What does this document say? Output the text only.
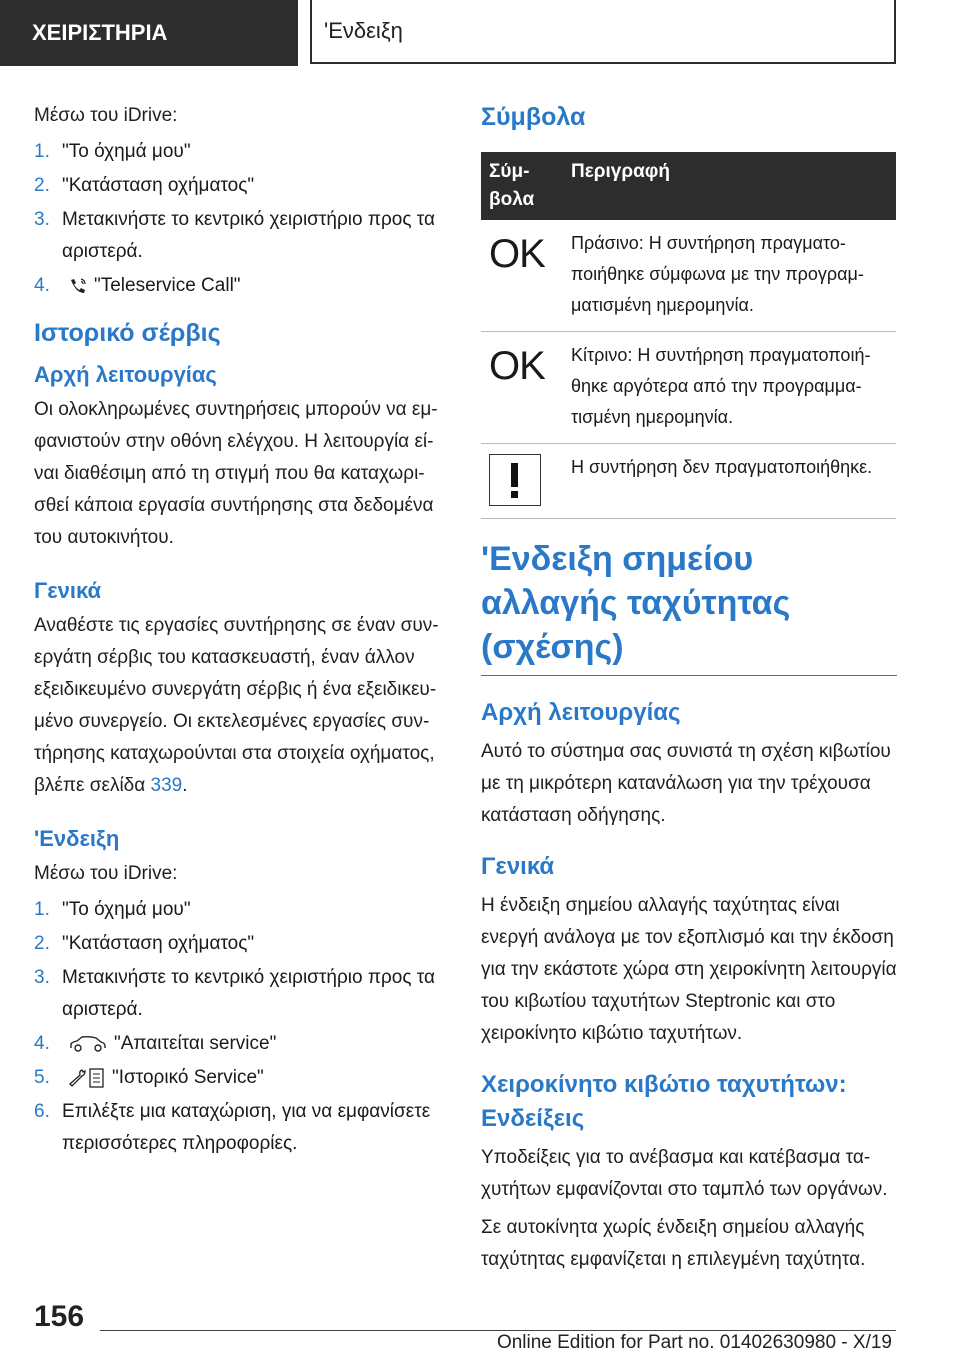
ΧΕΙΡΙΣΤΗΡΙΑ	'Ενδειξη

Μέσω του iDrive:

1. "Το όχημά μου"
2. "Κατάσταση οχήματος"
3. Μετακινήστε το κεντρικό χειριστήριο προς τα αριστερά.
4.	"Teleservice Call"
Ιστορικό σέρβις
Αρχή λειτουργίας

Οι ολοκληρωμένες συντηρήσεις μπορούν να εμφανιστούν στην οθόνη ελέγχου. Η λειτουργία είναι διαθέσιμη από τη στιγμή που θα καταχωρισθεί κάποια εργασία συντήρησης στα δεδομένα του αυτοκινήτου.

Γενικά

Αναθέστε τις εργασίες συντήρησης σε έναν συνεργάτη σέρβις του κατασκευαστή, έναν άλλον εξειδικευμένο συνεργάτη σέρβις ή ένα εξειδικευμένο συνεργείο. Οι εκτελεσμένες εργασίες συντήρησης καταχωρούνται στα στοιχεία οχήματος, βλέπε σελίδα 339.

'Ενδειξη

Μέσω του iDrive:

1. "Το όχημά μου"
2. "Κατάσταση οχήματος"
3. Μετακινήστε το κεντρικό χειριστήριο προς τα αριστερά.
4.	"Απαιτείται service"
5.	"Ιστορικό Service"
6. Επιλέξτε μια καταχώριση, για να εμφανίσετε περισσότερες πληροφορίες.
Σύμβολα
Σύμβολα	Περιγραφή

OK	Πράσινο: Η συντήρηση πραγματοποιήθηκε σύμφωνα με την προγραμματισμένη ημερομηνία.

OK	Κίτρινο: Η συντήρηση πραγματοποιήθηκε αργότερα από την προγραμματισμένη ημερομηνία.

	Η συντήρηση δεν πραγματοποιήθηκε.
'Ενδειξη σημείου αλλαγής ταχύτητας (σχέσης)
Αρχή λειτουργίας

Αυτό το σύστημα σας συνιστά τη σχέση κιβωτίου με τη μικρότερη κατανάλωση για την τρέχουσα κατάσταση οδήγησης.

Γενικά

Η ένδειξη σημείου αλλαγής ταχύτητας είναι ενεργή ανάλογα με τον εξοπλισμό και την έκδοση για την εκάστοτε χώρα στη χειροκίνητη λειτουργία του κιβωτίου ταχυτήτων Steptronic και στο χειροκίνητο κιβώτιο ταχυτήτων.

Χειροκίνητο κιβώτιο ταχυτήτων: Ενδείξεις

Υποδείξεις για το ανέβασμα και κατέβασμα ταχυτήτων εμφανίζονται στο ταμπλό των οργάνων.

Σε αυτοκίνητα χωρίς ένδειξη σημείου αλλαγής ταχύτητας εμφανίζεται η επιλεγμένη ταχύτητα.

156
Online Edition for Part no. 01402630980 - X/19
